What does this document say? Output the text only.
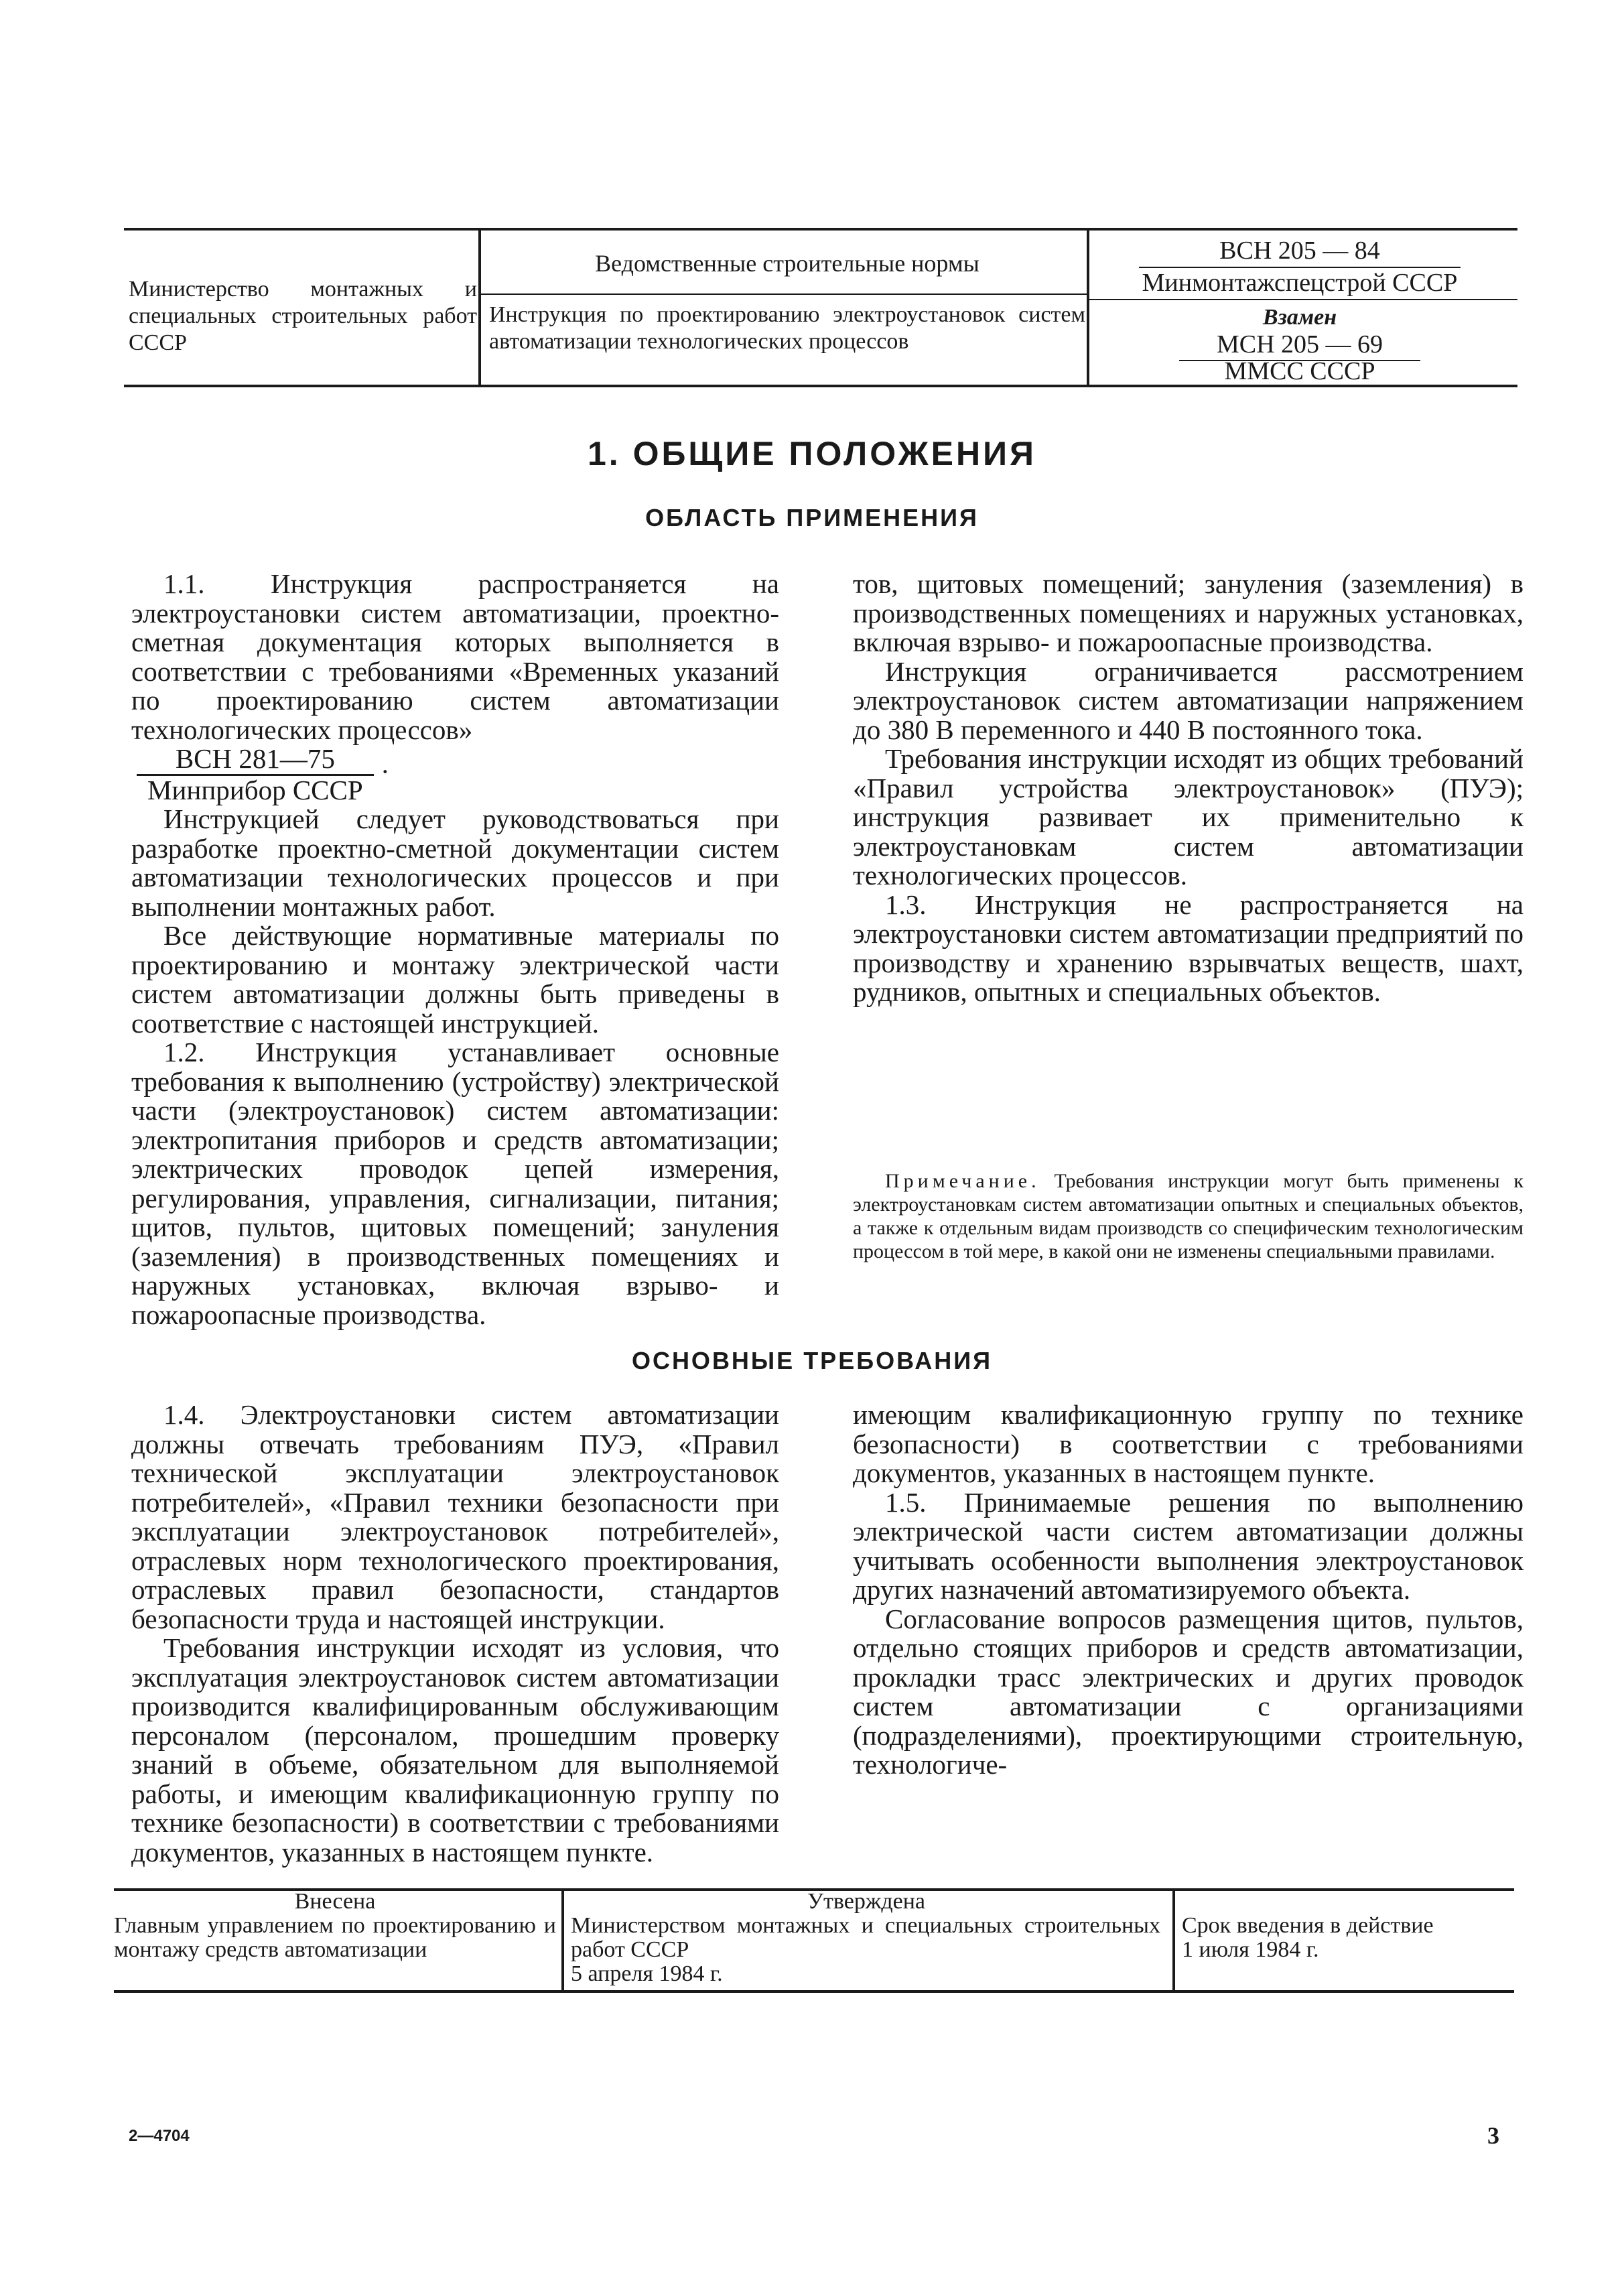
Министерство монтажных и специальных строительных работ СССР
Ведомственные строительные нормы
Инструкция по проектированию электроустановок систем автоматизации технологических процессов
ВСН 205 — 84
Минмонтажспецстрой СССР
Взамен
МСН 205 — 69
ММСС СССР
1. ОБЩИЕ ПОЛОЖЕНИЯ
ОБЛАСТЬ ПРИМЕНЕНИЯ

1.1. Инструкция распространяется на электроустановки систем автоматизации, проектно-сметная документация которых выполняется в соответствии с требованиями «Временных указаний по проектированию систем автоматизации технологических процессов»

$\frac{\text{ВСН 281—75}}{\text{Минприбор СССР}}$ ·

Инструкцией следует руководствоваться при разработке проектно-сметной документации систем автоматизации технологических процессов и при выполнении монтажных работ.

Все действующие нормативные материалы по проектированию и монтажу электрической части систем автоматизации должны быть приведены в соответствие с настоящей инструкцией.

1.2. Инструкция устанавливает основные требования к выполнению (устройству) электрической части (электроустановок) систем автоматизации: электропитания приборов и средств автоматизации; электрических проводок цепей измерения, регулирования, управления, сигнализации, питания; щитов, пультов, щитовых помещений; зануления (заземления) в производственных помещениях и наружных установках, включая взрыво- и пожароопасные производства.

тов, щитовых помещений; зануления (заземления) в производственных помещениях и наружных установках, включая взрыво- и пожароопасные производства.

Инструкция ограничивается рассмотрением электроустановок систем автоматизации напряжением до 380 В переменного и 440 В постоянного тока.

Требования инструкции исходят из общих требований «Правил устройства электроустановок» (ПУЭ); инструкция развивает их применительно к электроустановкам систем автоматизации технологических процессов.

1.3. Инструкция не распространяется на электроустановки систем автоматизации предприятий по производству и хранению взрывчатых веществ, шахт, рудников, опытных и специальных объектов.

Примечание. Требования инструкции могут быть применены к электроустановкам систем автоматизации опытных и специальных объектов, а также к отдельным видам производств со специфическим технологическим процессом в той мере, в какой они не изменены специальными правилами.

ОСНОВНЫЕ ТРЕБОВАНИЯ

1.4. Электроустановки систем автоматизации должны отвечать требованиям ПУЭ, «Правил технической эксплуатации электроустановок потребителей», «Правил техники безопасности при эксплуатации электроустановок потребителей», отраслевых норм технологического проектирования, отраслевых правил безопасности, стандартов безопасности труда и настоящей инструкции.

Требования инструкции исходят из условия, что эксплуатация электроустановок систем автоматизации производится квалифицированным обслуживающим персоналом (персоналом, прошедшим проверку знаний в объеме, обязательном для выполняемой работы, и имеющим квалификационную группу по технике безопасности) в соответствии с требованиями документов, указанных в настоящем пункте.

имеющим квалификационную группу по технике безопасности) в соответствии с требованиями документов, указанных в настоящем пункте.

1.5. Принимаемые решения по выполнению электрической части систем автоматизации должны учитывать особенности выполнения электроустановок других назначений автоматизируемого объекта.

Согласование вопросов размещения щитов, пультов, отдельно стоящих приборов и средств автоматизации, прокладки трасс электрических и других проводок систем автоматизации с организациями (подразделениями), проектирующими строительную, технологиче-

Внесена
Главным управлением по проектированию и монтажу средств автоматизации
Утверждена
Министерством монтажных и специальных строительных работ СССР
5 апреля 1984 г.
Срок введения в действие
1 июля 1984 г.
2—4704	3
